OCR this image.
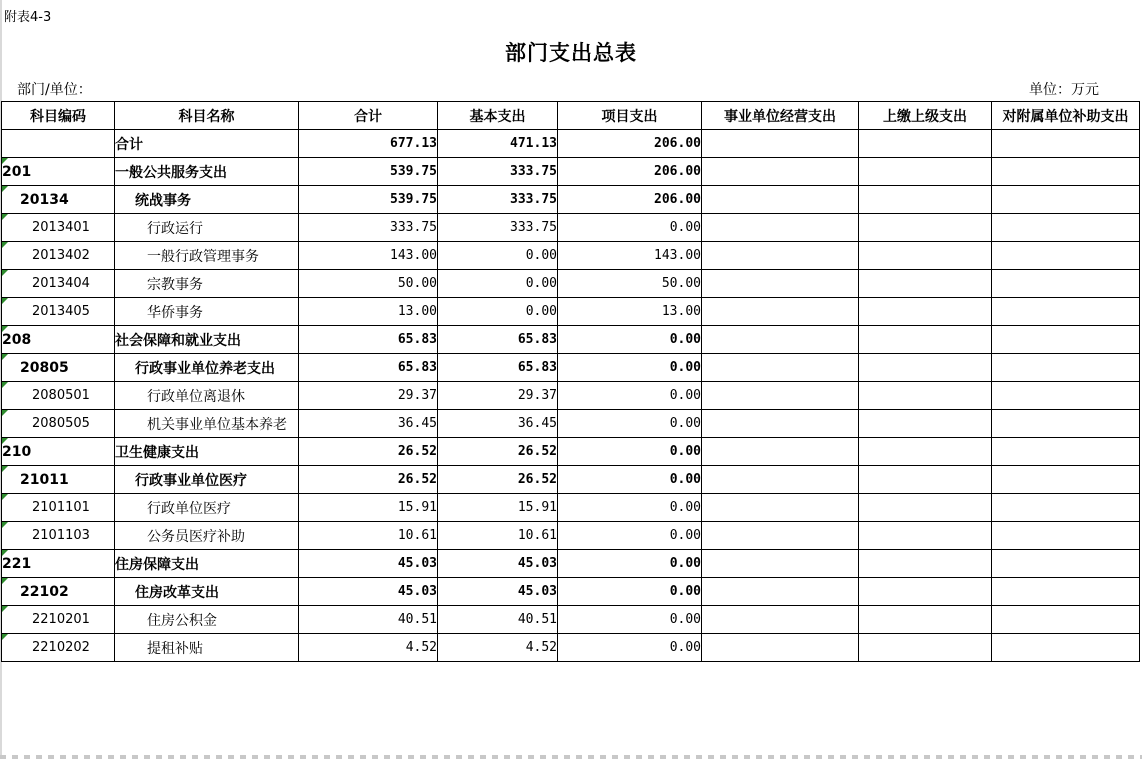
附表4-3
部门支出总表
部门/单位：	单位：万元
科目编码	科目名称	合计	基本支出	项目支出	事业单位经营支出	上缴上级支出	对附属单位补助支出
	合计	677.13	471.13	206.00			

201	一般公共服务支出	539.75	333.75	206.00			

20134	统战事务	539.75	333.75	206.00			

2013401	行政运行	333.75	333.75	0.00			

2013402	一般行政管理事务	143.00	0.00	143.00			

2013404	宗教事务	50.00	0.00	50.00			

2013405	华侨事务	13.00	0.00	13.00			

208	社会保障和就业支出	65.83	65.83	0.00			

20805	行政事业单位养老支出	65.83	65.83	0.00			

2080501	行政单位离退休	29.37	29.37	0.00			

2080505	机关事业单位基本养老	36.45	36.45	0.00			

210	卫生健康支出	26.52	26.52	0.00			

21011	行政事业单位医疗	26.52	26.52	0.00			

2101101	行政单位医疗	15.91	15.91	0.00			

2101103	公务员医疗补助	10.61	10.61	0.00			

221	住房保障支出	45.03	45.03	0.00			

22102	住房改革支出	45.03	45.03	0.00			

2210201	住房公积金	40.51	40.51	0.00			

2210202	提租补贴	4.52	4.52	0.00			
